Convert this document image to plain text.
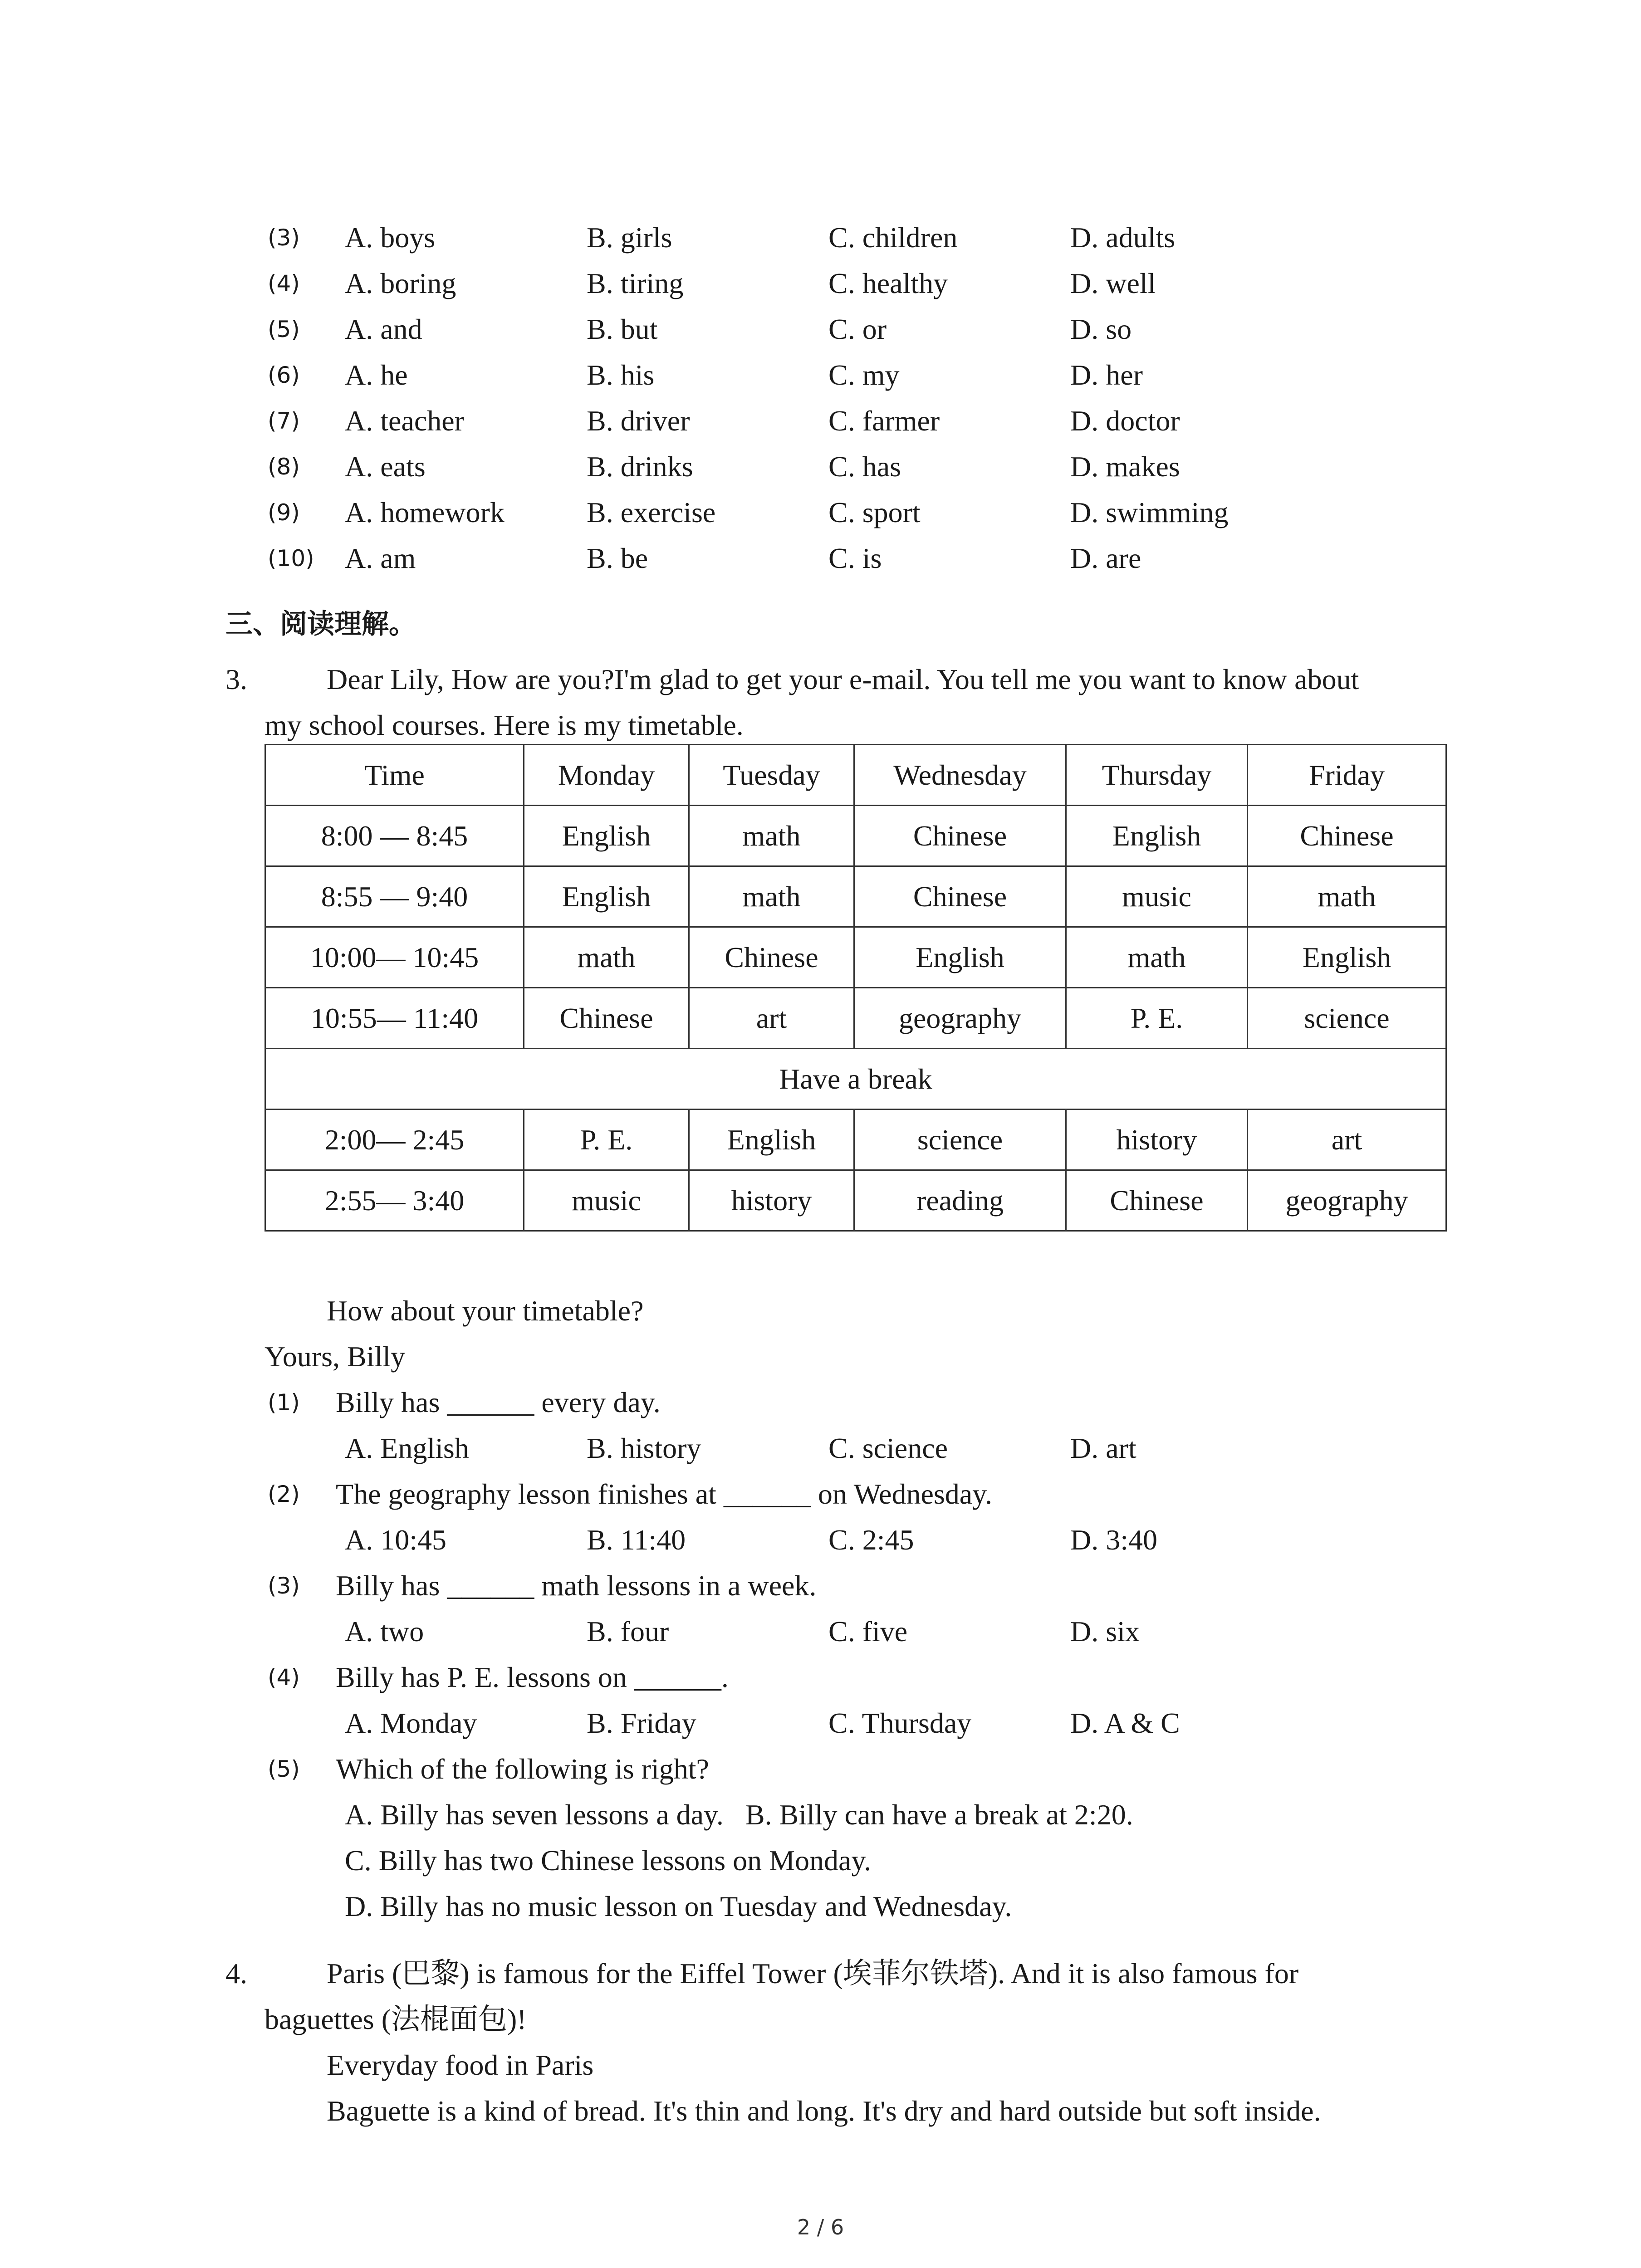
(3) A. boys	B. girls	C. children	D. adults
(4) A. boring	B. tiring	C. healthy	D. well
(5) A. and	B. but	C. or	D. so
(6) A. he	B. his	C. my	D. her
(7) A. teacher	B. driver	C. farmer	D. doctor
(8) A. eats	B. drinks	C. has	D. makes
(9) A. homework	B. exercise	C. sport	D. swimming
(10) A. am	B. be	C. is	D. are
三、阅读理解。
3.	Dear Lily, How are you?I'm glad to get your e-mail. You tell me you want to know about
my school courses. Here is my timetable.
Time	Monday	Tuesday	Wednesday	Thursday	Friday
8:00 — 8:45	English	math	Chinese	English	Chinese
8:55 — 9:40	English	math	Chinese	music	math
10:00— 10:45	math	Chinese	English	math	English
10:55— 11:40	Chinese	art	geography	P. E.	science
Have a break					
2:00— 2:45	P. E.	English	science	history	art
2:55— 3:40	music	history	reading	Chinese	geography
How about your timetable?
Yours, Billy
(1) Billy has ______ every day.
A. English	B. history	C. science	D. art
(2) The geography lesson finishes at ______ on Wednesday.
A. 10:45	B. 11:40	C. 2:45	D. 3:40
(3) Billy has ______ math lessons in a week.
A. two	B. four	C. five	D. six
(4) Billy has P. E. lessons on ______.
A. Monday	B. Friday	C. Thursday	D. A & C
(5) Which of the following is right?
A. Billy has seven lessons a day.   B. Billy can have a break at 2:20.
C. Billy has two Chinese lessons on Monday.
D. Billy has no music lesson on Tuesday and Wednesday.
4.	Paris (巴黎) is famous for the Eiffel Tower (埃菲尔铁塔). And it is also famous for
baguettes (法棍面包)!
Everyday food in Paris
Baguette is a kind of bread. It's thin and long. It's dry and hard outside but soft inside.
2 / 6
